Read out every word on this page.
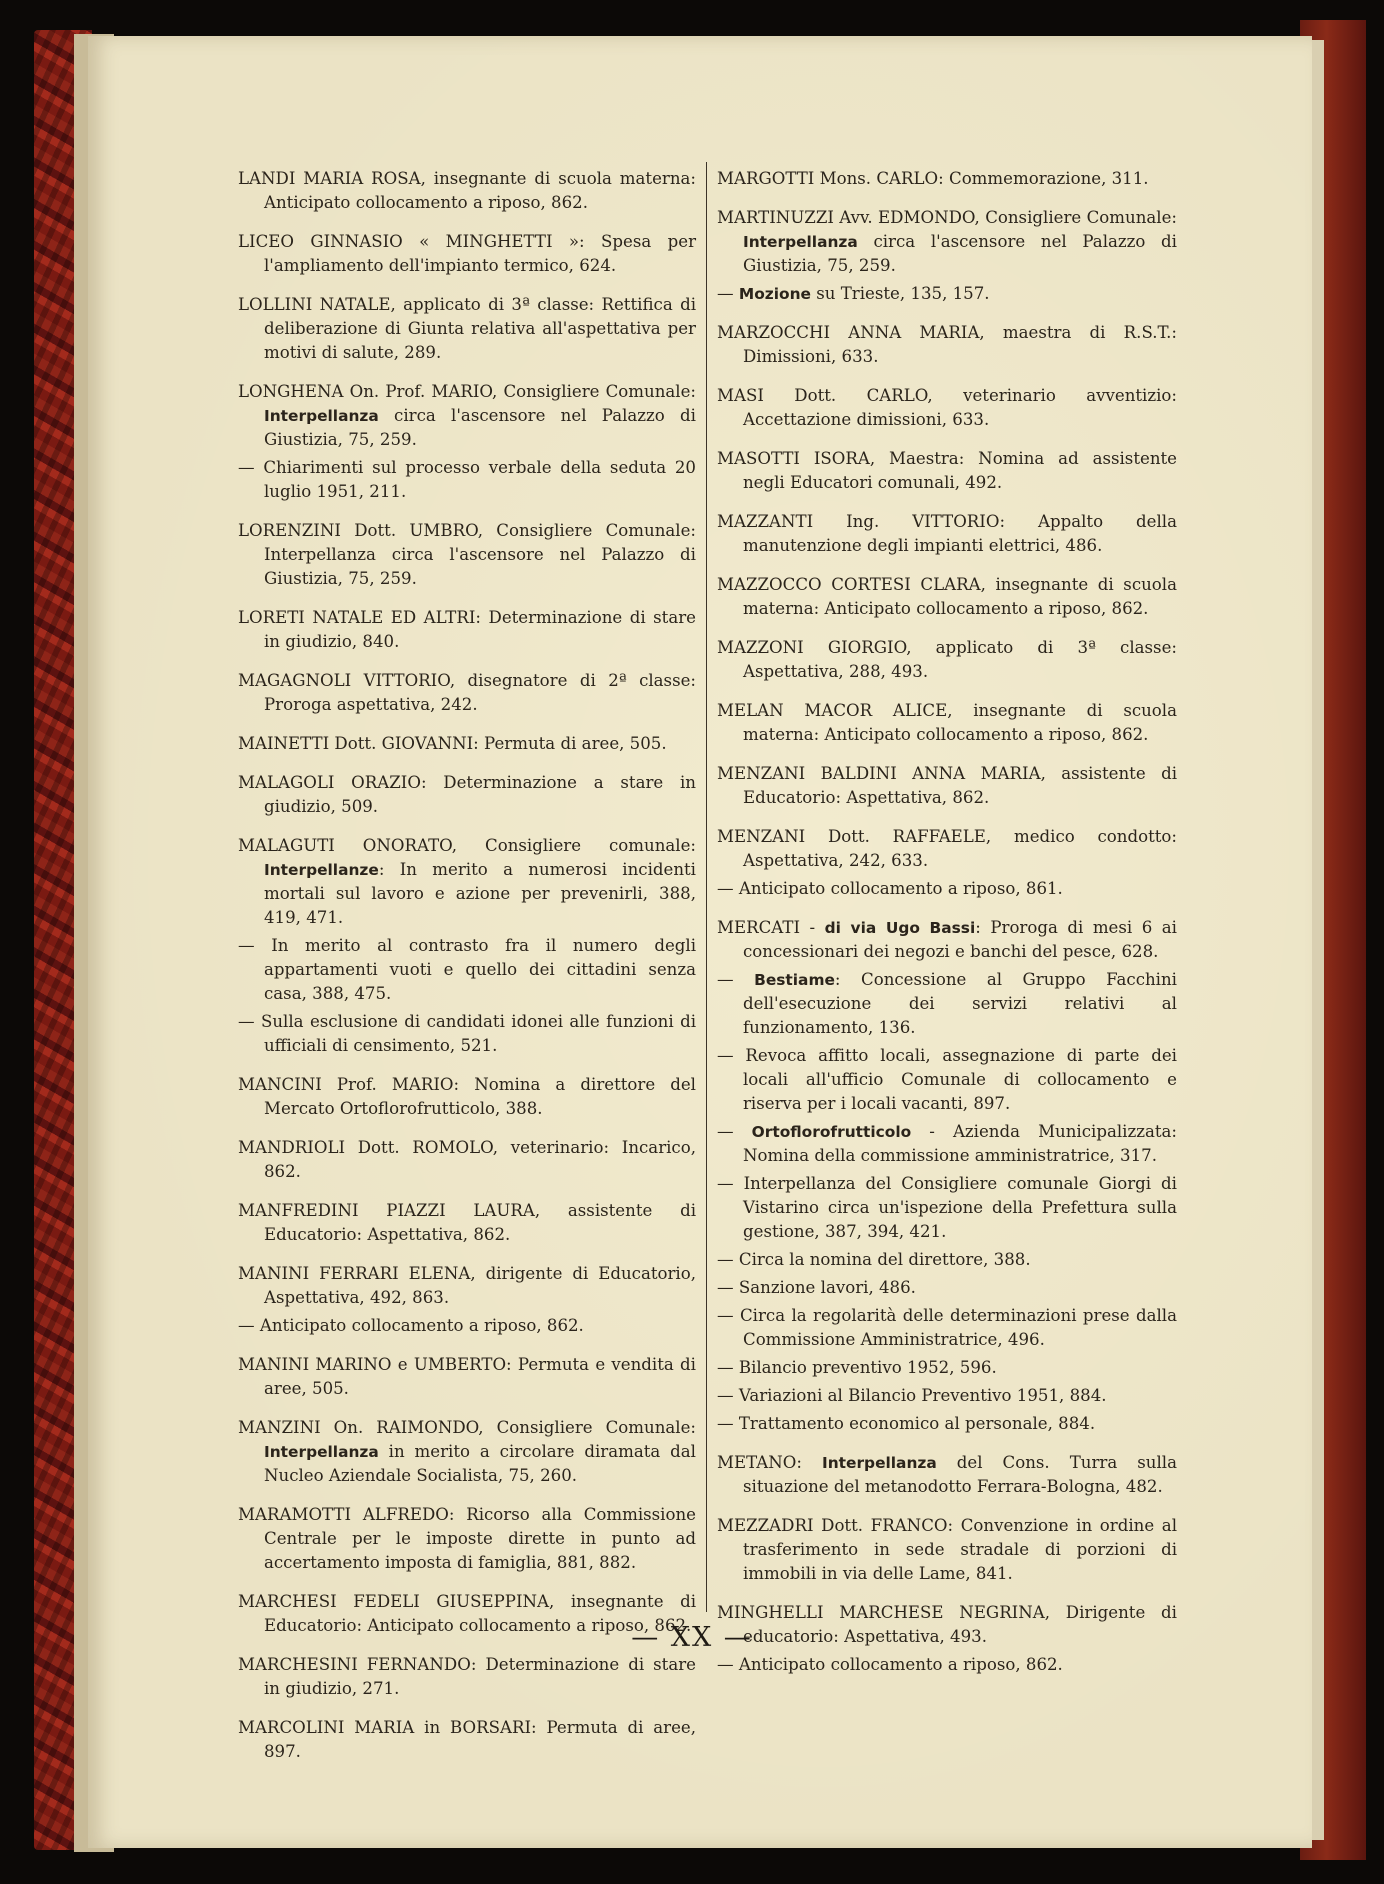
LANDI MARIA ROSA, insegnante di scuola materna: Anticipato collocamento a riposo, 862.

LICEO GINNASIO « MINGHETTI »: Spesa per l'ampliamento dell'impianto termico, 624.

LOLLINI NATALE, applicato di 3ª classe: Rettifica di deliberazione di Giunta relativa all'aspettativa per motivi di salute, 289.

LONGHENA On. Prof. MARIO, Consigliere Comunale: Interpellanza circa l'ascensore nel Palazzo di Giustizia, 75, 259.

— Chiarimenti sul processo verbale della seduta 20 luglio 1951, 211.

LORENZINI Dott. UMBRO, Consigliere Comunale: Interpellanza circa l'ascensore nel Palazzo di Giustizia, 75, 259.

LORETI NATALE ED ALTRI: Determinazione di stare in giudizio, 840.

MAGAGNOLI VITTORIO, disegnatore di 2ª classe: Proroga aspettativa, 242.

MAINETTI Dott. GIOVANNI: Permuta di aree, 505.

MALAGOLI ORAZIO: Determinazione a stare in giudizio, 509.

MALAGUTI ONORATO, Consigliere comunale: Interpellanze: In merito a numerosi incidenti mortali sul lavoro e azione per prevenirli, 388, 419, 471.

— In merito al contrasto fra il numero degli appartamenti vuoti e quello dei cittadini senza casa, 388, 475.

— Sulla esclusione di candidati idonei alle funzioni di ufficiali di censimento, 521.

MANCINI Prof. MARIO: Nomina a direttore del Mercato Ortoflorofrutticolo, 388.

MANDRIOLI Dott. ROMOLO, veterinario: Incarico, 862.

MANFREDINI PIAZZI LAURA, assistente di Educatorio: Aspettativa, 862.

MANINI FERRARI ELENA, dirigente di Educatorio, Aspettativa, 492, 863.

— Anticipato collocamento a riposo, 862.

MANINI MARINO e UMBERTO: Permuta e vendita di aree, 505.

MANZINI On. RAIMONDO, Consigliere Comunale: Interpellanza in merito a circolare diramata dal Nucleo Aziendale Socialista, 75, 260.

MARAMOTTI ALFREDO: Ricorso alla Commissione Centrale per le imposte dirette in punto ad accertamento imposta di famiglia, 881, 882.

MARCHESI FEDELI GIUSEPPINA, insegnante di Educatorio: Anticipato collocamento a riposo, 862.

MARCHESINI FERNANDO: Determinazione di stare in giudizio, 271.

MARCOLINI MARIA in BORSARI: Permuta di aree, 897.

MARGOTTI Mons. CARLO: Commemorazione, 311.

MARTINUZZI Avv. EDMONDO, Consigliere Comunale: Interpellanza circa l'ascensore nel Palazzo di Giustizia, 75, 259.

— Mozione su Trieste, 135, 157.

MARZOCCHI ANNA MARIA, maestra di R.S.T.: Dimissioni, 633.

MASI Dott. CARLO, veterinario avventizio: Accettazione dimissioni, 633.

MASOTTI ISORA, Maestra: Nomina ad assistente negli Educatori comunali, 492.

MAZZANTI Ing. VITTORIO: Appalto della manutenzione degli impianti elettrici, 486.

MAZZOCCO CORTESI CLARA, insegnante di scuola materna: Anticipato collocamento a riposo, 862.

MAZZONI GIORGIO, applicato di 3ª classe: Aspettativa, 288, 493.

MELAN MACOR ALICE, insegnante di scuola materna: Anticipato collocamento a riposo, 862.

MENZANI BALDINI ANNA MARIA, assistente di Educatorio: Aspettativa, 862.

MENZANI Dott. RAFFAELE, medico condotto: Aspettativa, 242, 633.

— Anticipato collocamento a riposo, 861.

MERCATI - di via Ugo Bassi: Proroga di mesi 6 ai concessionari dei negozi e banchi del pesce, 628.

— Bestiame: Concessione al Gruppo Facchini dell'esecuzione dei servizi relativi al funzionamento, 136.

— Revoca affitto locali, assegnazione di parte dei locali all'ufficio Comunale di collocamento e riserva per i locali vacanti, 897.

— Ortoflorofrutticolo - Azienda Municipalizzata: Nomina della commissione amministratrice, 317.

— Interpellanza del Consigliere comunale Giorgi di Vistarino circa un'ispezione della Prefettura sulla gestione, 387, 394, 421.

— Circa la nomina del direttore, 388.

— Sanzione lavori, 486.

— Circa la regolarità delle determinazioni prese dalla Commissione Amministratrice, 496.

— Bilancio preventivo 1952, 596.

— Variazioni al Bilancio Preventivo 1951, 884.

— Trattamento economico al personale, 884.

METANO: Interpellanza del Cons. Turra sulla situazione del metanodotto Ferrara-Bologna, 482.

MEZZADRI Dott. FRANCO: Convenzione in ordine al trasferimento in sede stradale di porzioni di immobili in via delle Lame, 841.

MINGHELLI MARCHESE NEGRINA, Dirigente di educatorio: Aspettativa, 493.

— Anticipato collocamento a riposo, 862.

— XX —
